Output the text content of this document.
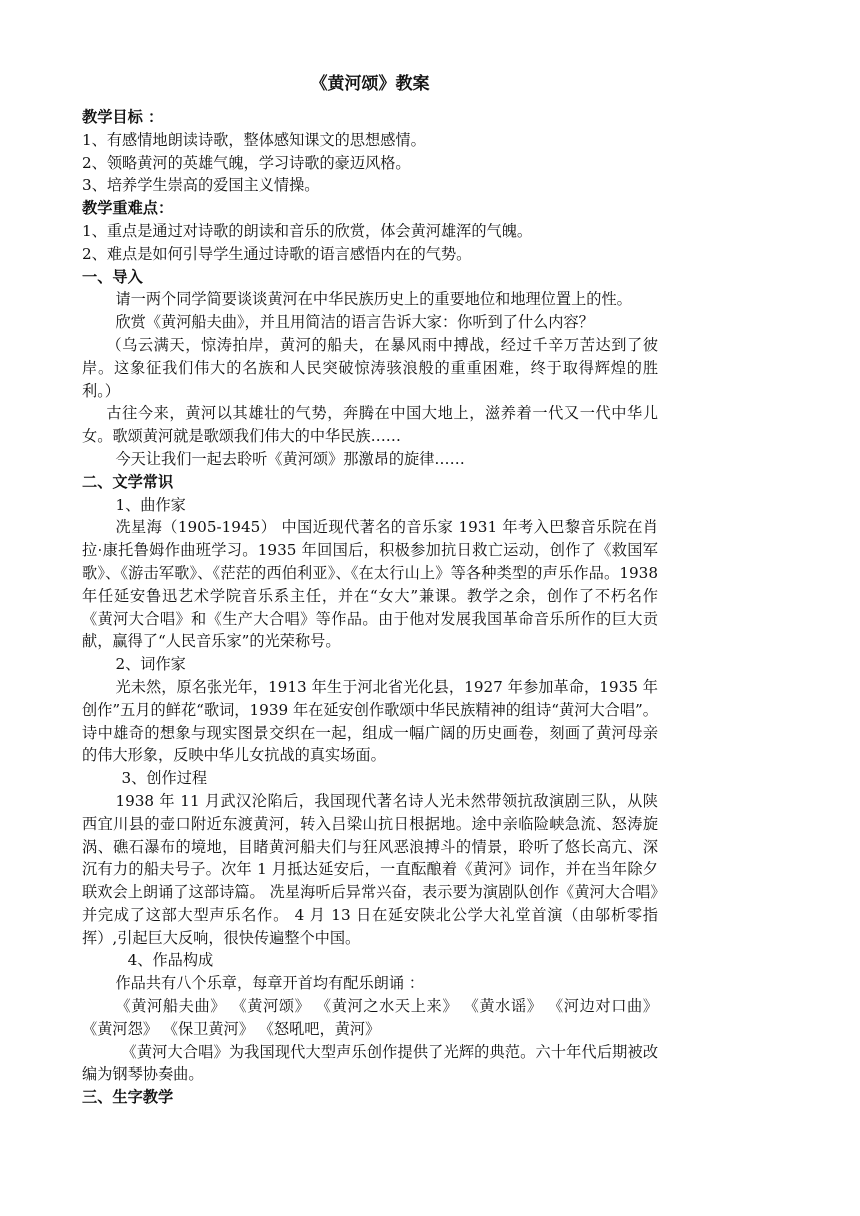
《黄河颂》教案

教学目标 ：

1、有感情地朗读诗歌，整体感知课文的思想感情。

2、领略黄河的英雄气魄，学习诗歌的豪迈风格。

3、培养学生崇高的爱国主义情操。

教学重难点：

1、重点是通过对诗歌的朗读和音乐的欣赏，体会黄河雄浑的气魄。

2、难点是如何引导学生通过诗歌的语言感悟内在的气势。

一、导入

请一两个同学简要谈谈黄河在中华民族历史上的重要地位和地理位置上的性。

欣赏《黄河船夫曲》，并且用简洁的语言告诉大家：你听到了什么内容？

（乌云满天，惊涛拍岸，黄河的船夫，在暴风雨中搏战，经过千辛万苦达到了彼岸。这象征我们伟大的名族和人民突破惊涛骇浪般的重重困难，终于取得辉煌的胜利。）

古往今来，黄河以其雄壮的气势，奔腾在中国大地上，滋养着一代又一代中华儿女。歌颂黄河就是歌颂我们伟大的中华民族……

今天让我们一起去聆听《黄河颂》那激昂的旋律……

二、文学常识

1、曲作家

冼星海（1905-1945） 中国近现代著名的音乐家 1931 年考入巴黎音乐院在肖拉·康托鲁姆作曲班学习。1935 年回国后，积极参加抗日救亡运动，创作了《救国军歌》、《游击军歌》、《茫茫的西伯利亚》、《在太行山上》等各种类型的声乐作品。1938 年任延安鲁迅艺术学院音乐系主任，并在“女大”兼课。教学之余，创作了不朽名作《黄河大合唱》和《生产大合唱》等作品。由于他对发展我国革命音乐所作的巨大贡献，赢得了“人民音乐家”的光荣称号。

2、词作家

光未然，原名张光年，1913 年生于河北省光化县，1927 年参加革命，1935 年创作”五月的鲜花“歌词，1939 年在延安创作歌颂中华民族精神的组诗“黄河大合唱”。 诗中雄奇的想象与现实图景交织在一起，组成一幅广阔的历史画卷，刻画了黄河母亲的伟大形象，反映中华儿女抗战的真实场面。

3、创作过程

1938 年 11 月武汉沦陷后，我国现代著名诗人光未然带领抗敌演剧三队，从陕西宜川县的壶口附近东渡黄河，转入吕梁山抗日根据地。途中亲临险峡急流、怒涛旋涡、礁石瀑布的境地，目睹黄河船夫们与狂风恶浪搏斗的情景，聆听了悠长高亢、深沉有力的船夫号子。次年 1 月抵达延安后，一直酝酿着《黄河》词作，并在当年除夕联欢会上朗诵了这部诗篇。 冼星海听后异常兴奋，表示要为演剧队创作《黄河大合唱》并完成了这部大型声乐名作。 4 月 13 日在延安陕北公学大礼堂首演（由邬析零指挥）,引起巨大反响，很快传遍整个中国。

4、作品构成

作品共有八个乐章，每章开首均有配乐朗诵 ：

《黄河船夫曲》 《黄河颂》 《黄河之水天上来》 《黄水谣》 《河边对口曲》 《黄河怨》 《保卫黄河》 《怒吼吧，黄河》

《黄河大合唱》为我国现代大型声乐创作提供了光辉的典范。六十年代后期被改编为钢琴协奏曲。

三、生字教学
